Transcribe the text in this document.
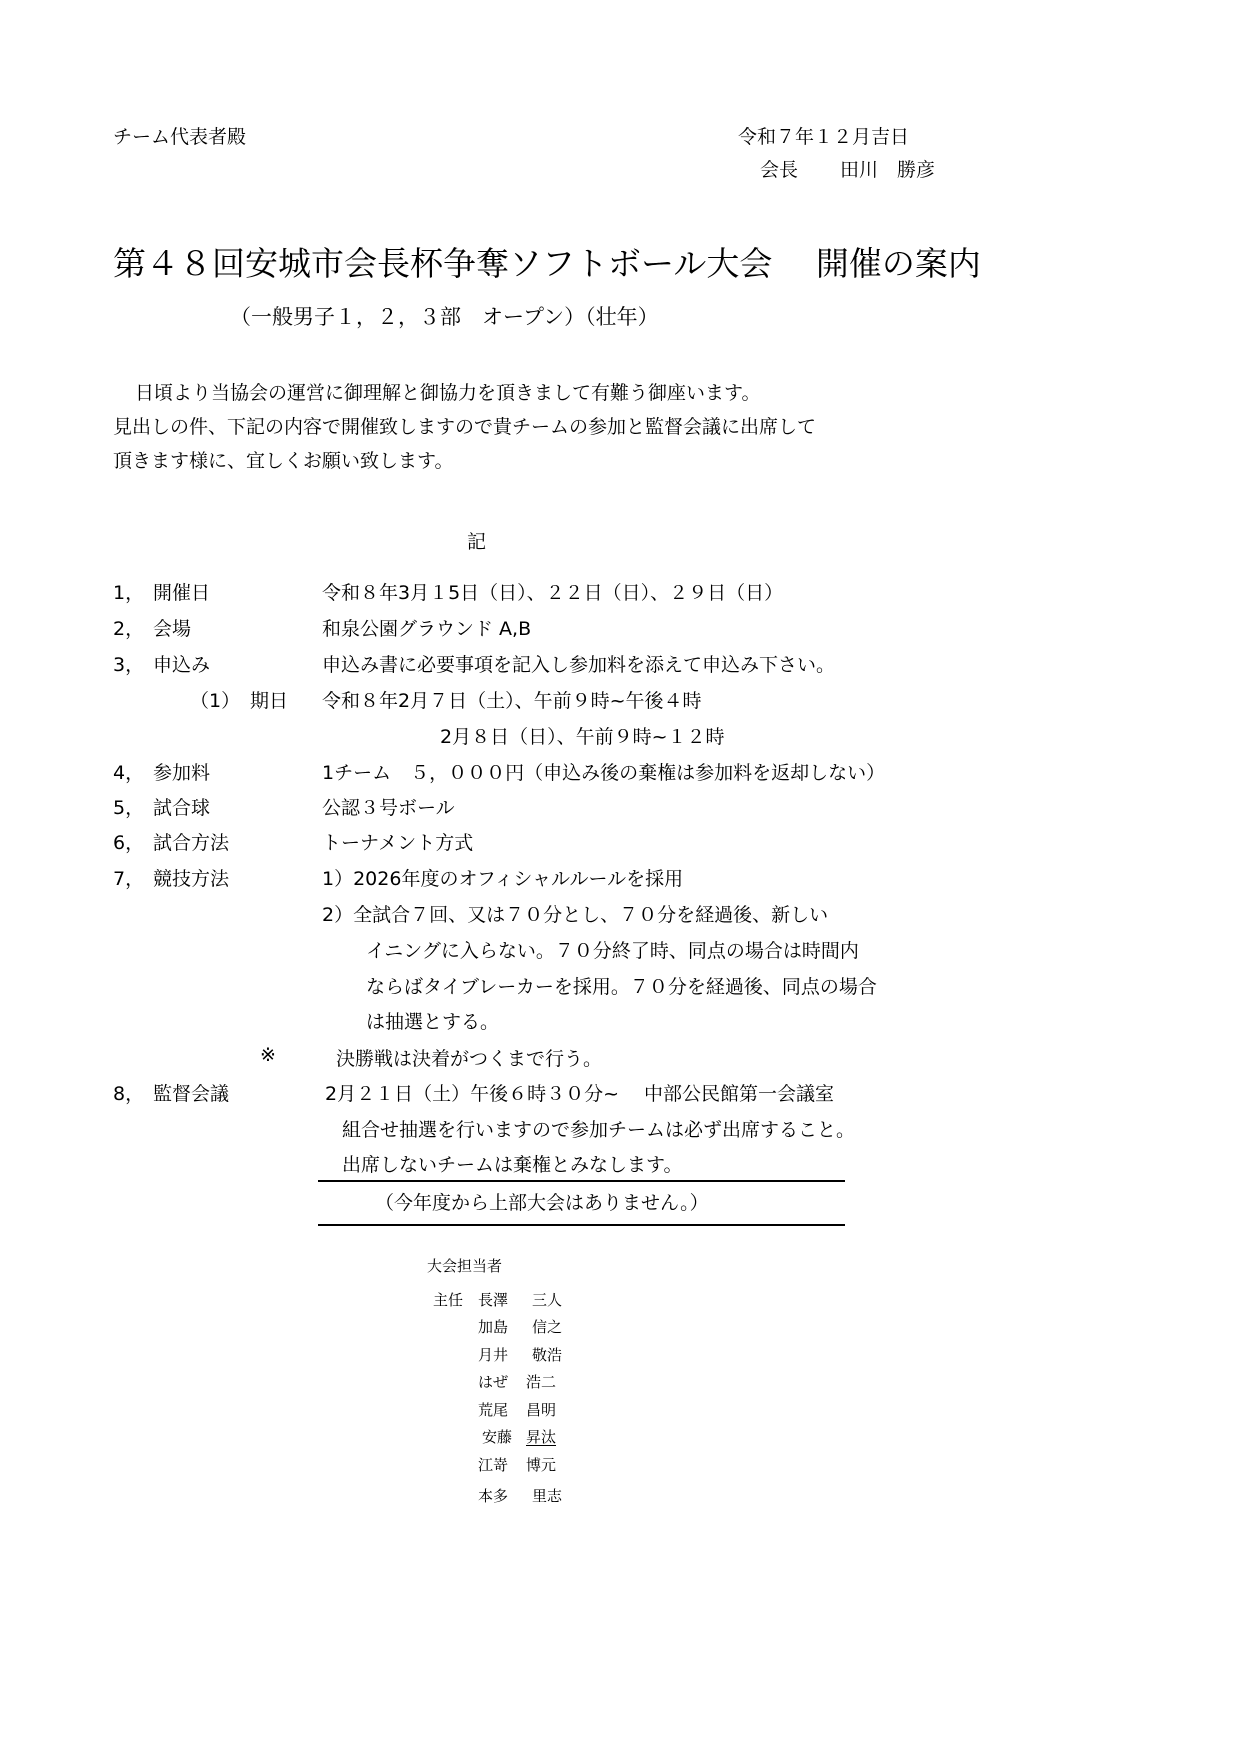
チーム代表者殿	令和７年１２月吉日
会長 田川　勝彦
第４８回安城市会長杯争奪ソフトボール大会　 開催の案内
（一般男子１，２，３部　オープン）（壮年）
日頃より当協会の運営に御理解と御協力を頂きまして有難う御座います。
見出しの件、下記の内容で開催致しますので貴チームの参加と監督会議に出席して
頂きます様に、宜しくお願い致します。
記
1， 開催日	令和８年3月１5日（日）、２２日（日）、２９日（日）
2， 会場	和泉公園グラウンド A,B
3， 申込み	申込み書に必要事項を記入し参加料を添えて申込み下さい。
（1） 期日 令和８年2月７日（土）、午前９時~午後４時
2月８日（日）、午前９時~１２時
4， 参加料	1チーム　５，０００円（申込み後の棄権は参加料を返却しない）
5， 試合球	公認３号ボール
6， 試合方法	トーナメント方式
7， 競技方法	1）2026年度のオフィシャルルールを採用
2）全試合７回、又は７０分とし、７０分を経過後、新しい
イニングに入らない。７０分終了時、同点の場合は時間内
ならばタイブレーカーを採用。７０分を経過後、同点の場合
は抽選とする。
※	決勝戦は決着がつくまで行う。
8， 監督会議	2月２１日（土）午後６時３０分~　 中部公民館第一会議室
組合せ抽選を行いますので参加チームは必ず出席すること。
出席しないチームは棄権とみなします。
（今年度から上部大会はありません。）
大会担当者
主任 長澤 三人
加島 信之
月井 敬浩
はぜ 浩二
荒尾 昌明
安藤 昇汰
江嵜 博元
本多 里志
